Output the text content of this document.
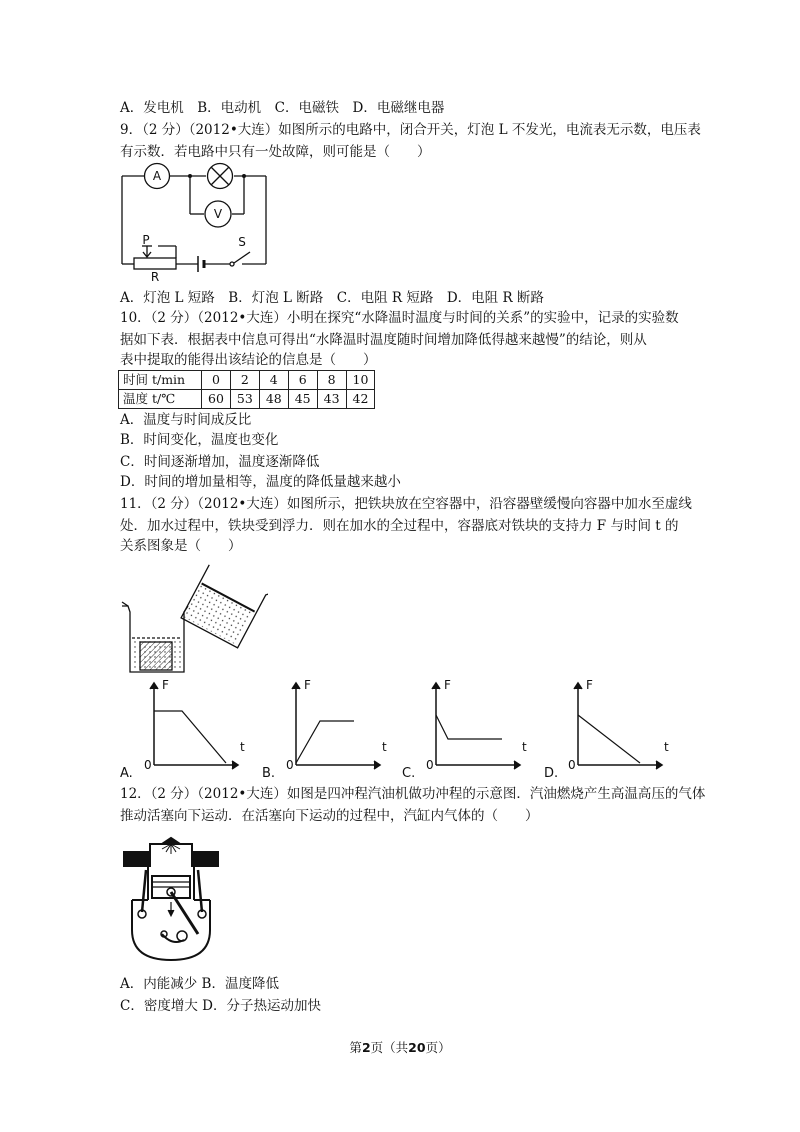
A．发电机　B．电动机　C．电磁铁　D．电磁继电器
9．（2 分）（2012•大连）如图所示的电路中，闭合开关，灯泡 L 不发光，电流表无示数，电压表
有示数．若电路中只有一处故障，则可能是（　　）
A
V
P
R
S
A．灯泡 L 短路　B．灯泡 L 断路　C．电阻 R 短路　D．电阻 R 断路
10．（2 分）（2012•大连）小明在探究“水降温时温度与时间的关系”的实验中，记录的实验数
据如下表．根据表中信息可得出“水降温时温度随时间增加降低得越来越慢”的结论，则从
表中提取的能得出该结论的信息是（　　）
时间 t/min	0	2	4	6	8	10
温度 t/℃	60	53	48	45	43	42
A．温度与时间成反比
B．时间变化，温度也变化
C．时间逐渐增加，温度逐渐降低
D．时间的增加量相等，温度的降低量越来越小
11．（2 分）（2012•大连）如图所示，把铁块放在空容器中，沿容器壁缓慢向容器中加水至虚线
处．加水过程中，铁块受到浮力．则在加水的全过程中，容器底对铁块的支持力 F 与时间 t 的
关系图象是（　　）
F
t
0
F
t
0
F
t
0
F
t
0
A.	B.	C.	D.
12．（2 分）（2012•大连）如图是四冲程汽油机做功冲程的示意图．汽油燃烧产生高温高压的气体
推动活塞向下运动．在活塞向下运动的过程中，汽缸内气体的（　　）
A．内能减少 B．温度降低
C．密度增大 D．分子热运动加快
第2页（共20页）
